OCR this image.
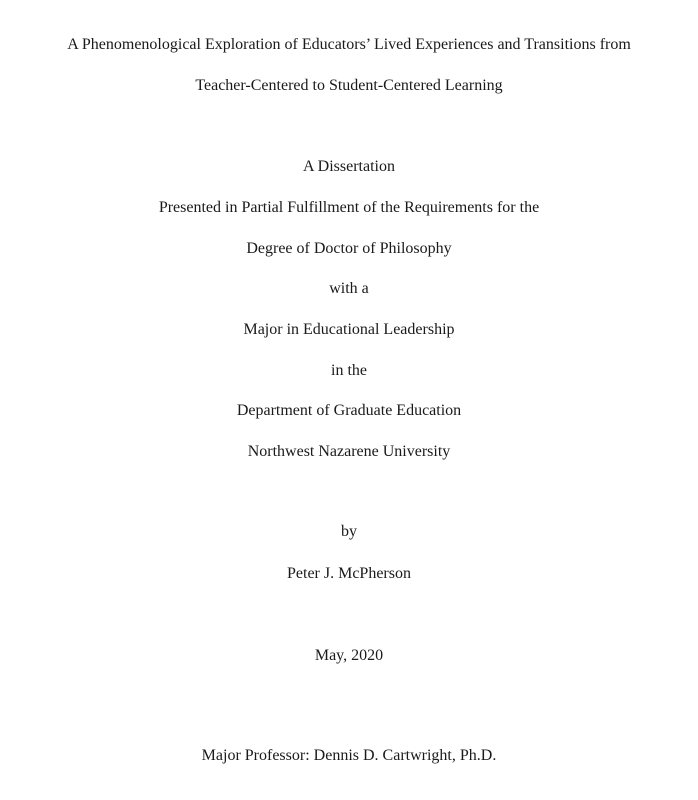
A Phenomenological Exploration of Educators’ Lived Experiences and Transitions from
Teacher-Centered to Student-Centered Learning
A Dissertation
Presented in Partial Fulfillment of the Requirements for the
Degree of Doctor of Philosophy
with a
Major in Educational Leadership
in the
Department of Graduate Education
Northwest Nazarene University
by
Peter J. McPherson
May, 2020
Major Professor: Dennis D. Cartwright, Ph.D.
